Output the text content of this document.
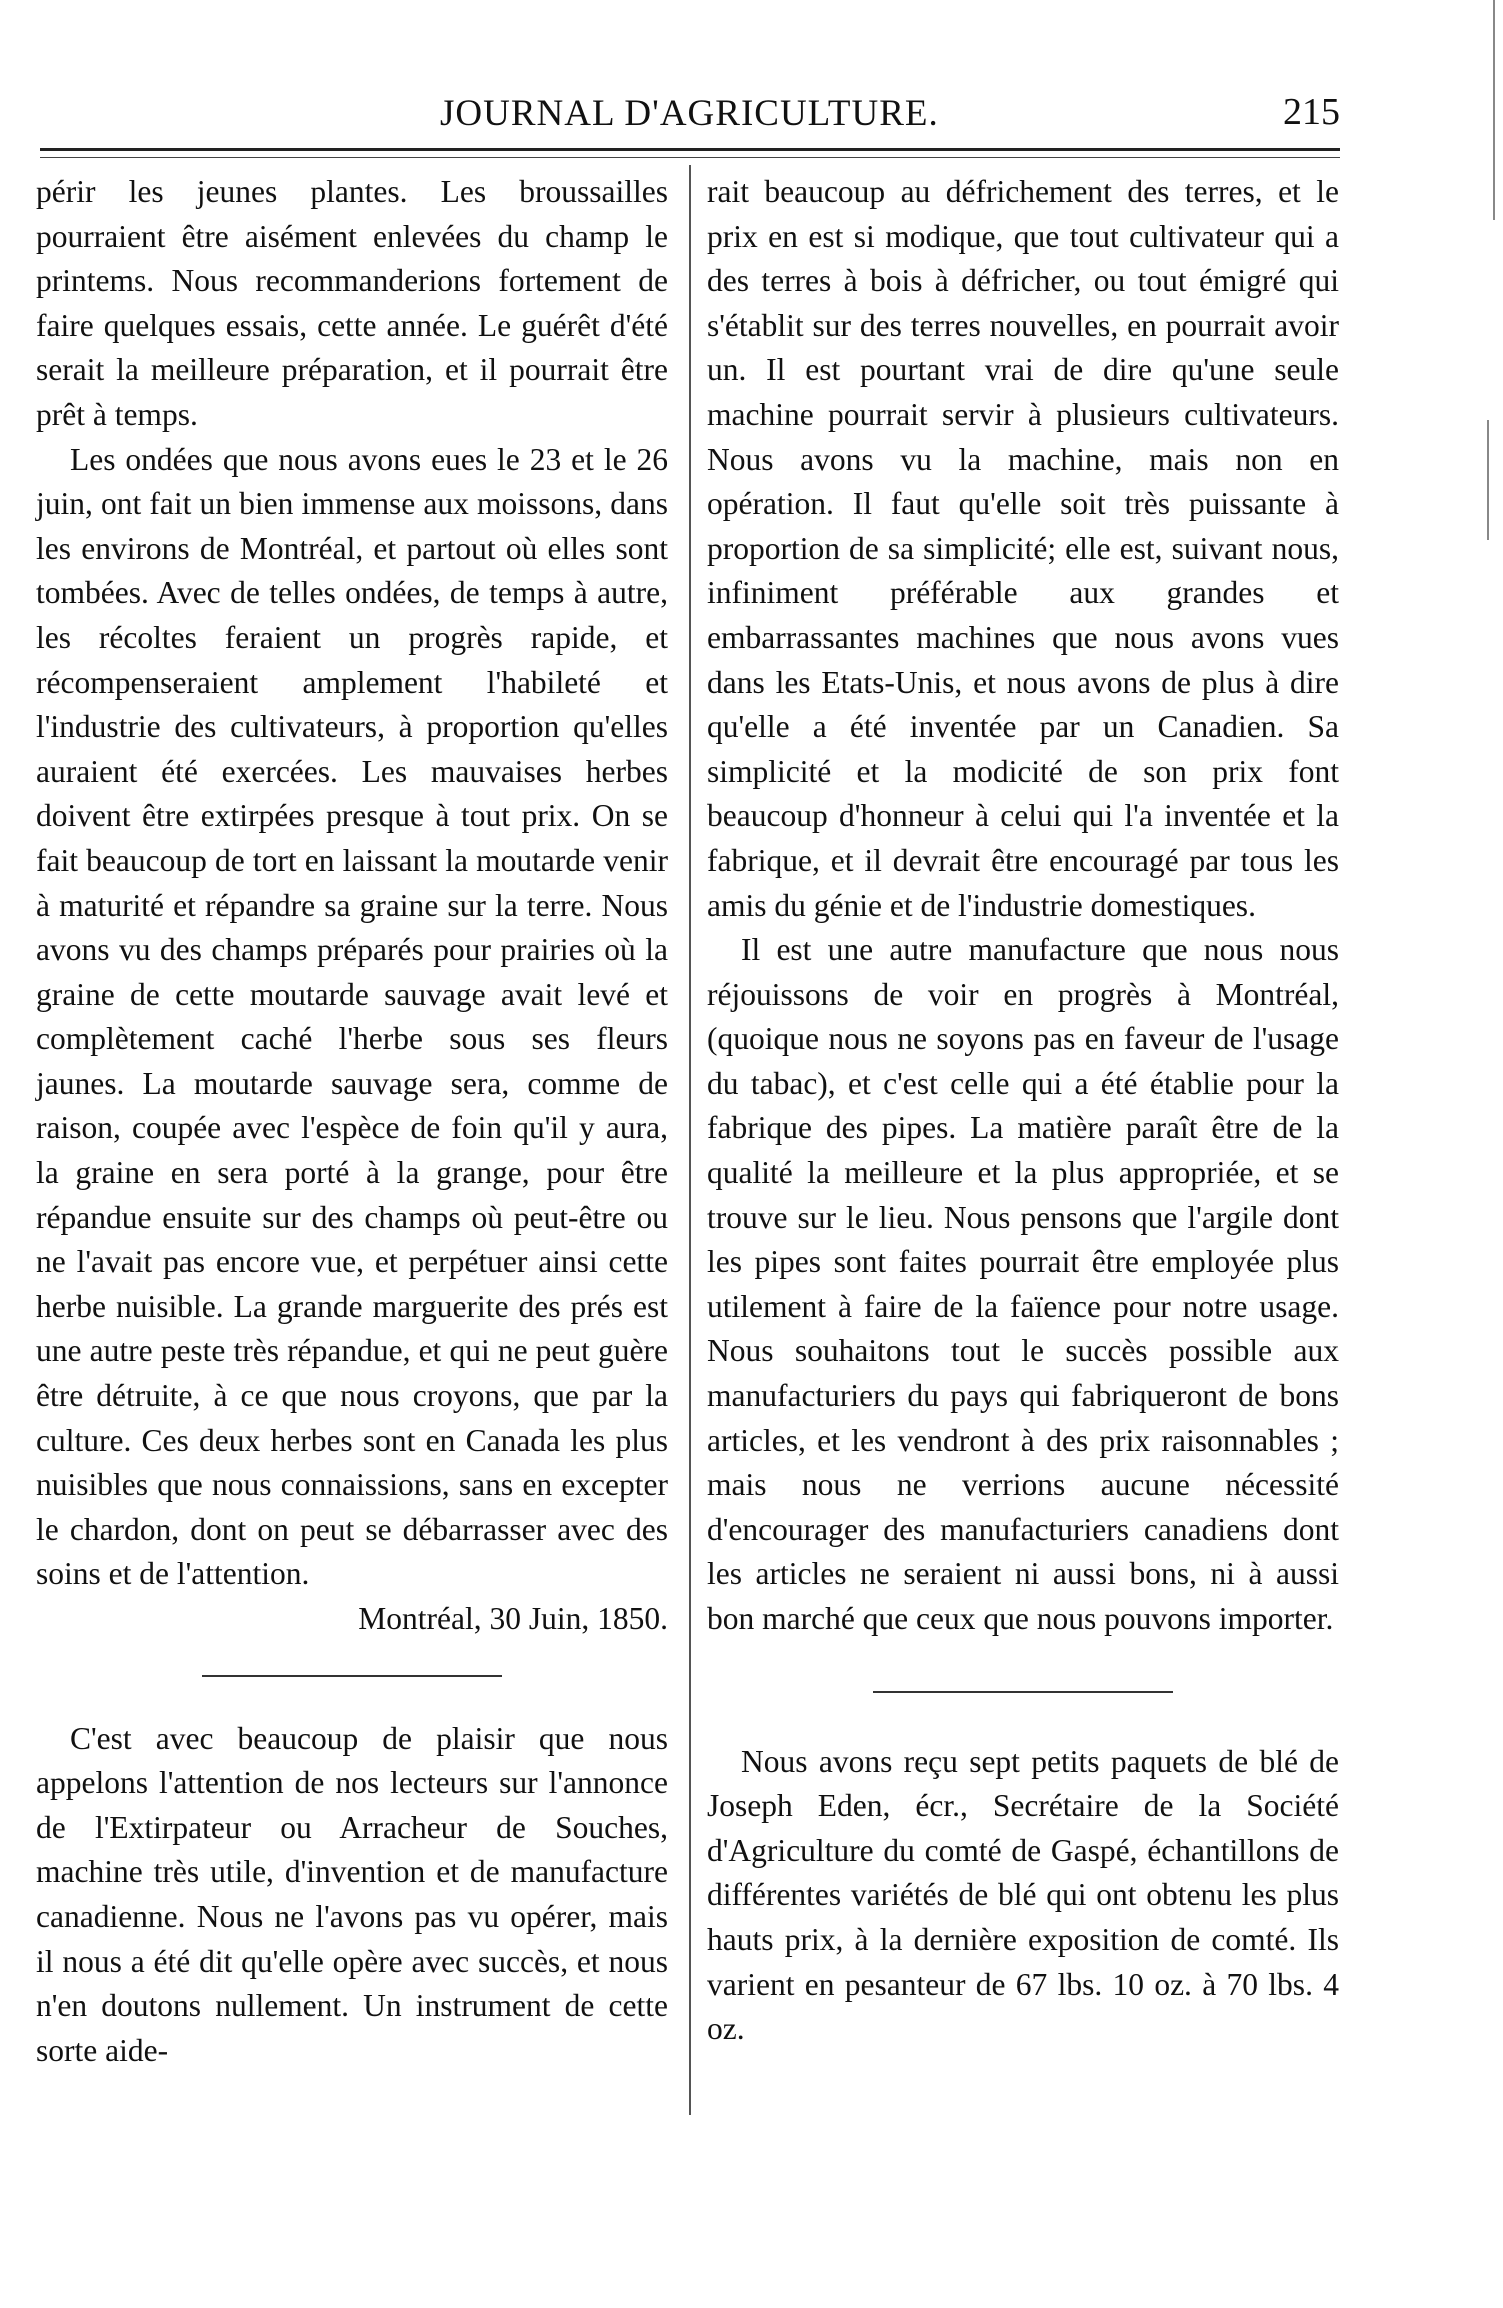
JOURNAL D'AGRICULTURE.	215

périr les jeunes plantes. Les broussailles pourraient être aisément enlevées du champ le printems. Nous recommanderions fortement de faire quelques essais, cette année. Le guérêt d'été serait la meilleure préparation, et il pourrait être prêt à temps.

Les ondées que nous avons eues le 23 et le 26 juin, ont fait un bien immense aux moissons, dans les environs de Montréal, et partout où elles sont tombées. Avec de telles ondées, de temps à autre, les récoltes feraient un progrès rapide, et récompenseraient amplement l'habileté et l'industrie des cultivateurs, à proportion qu'elles auraient été exercées. Les mauvaises herbes doivent être extirpées presque à tout prix. On se fait beaucoup de tort en laissant la moutarde venir à maturité et répandre sa graine sur la terre. Nous avons vu des champs préparés pour prairies où la graine de cette moutarde sauvage avait levé et complètement caché l'herbe sous ses fleurs jaunes. La moutarde sauvage sera, comme de raison, coupée avec l'espèce de foin qu'il y aura, la graine en sera porté à la grange, pour être répandue ensuite sur des champs où peut-être ou ne l'avait pas encore vue, et perpétuer ainsi cette herbe nuisible. La grande marguerite des prés est une autre peste très répandue, et qui ne peut guère être détruite, à ce que nous croyons, que par la culture. Ces deux herbes sont en Canada les plus nuisibles que nous connaissions, sans en excepter le chardon, dont on peut se débarrasser avec des soins et de l'attention.

Montréal, 30 Juin, 1850.

C'est avec beaucoup de plaisir que nous appelons l'attention de nos lecteurs sur l'annonce de l'Extirpateur ou Arracheur de Souches, machine très utile, d'invention et de manufacture canadienne. Nous ne l'avons pas vu opérer, mais il nous a été dit qu'elle opère avec succès, et nous n'en doutons nullement. Un instrument de cette sorte aide-

rait beaucoup au défrichement des terres, et le prix en est si modique, que tout cultivateur qui a des terres à bois à défricher, ou tout émigré qui s'établit sur des terres nouvelles, en pourrait avoir un. Il est pourtant vrai de dire qu'une seule machine pourrait servir à plusieurs cultivateurs. Nous avons vu la machine, mais non en opération. Il faut qu'elle soit très puissante à proportion de sa simplicité; elle est, suivant nous, infiniment préférable aux grandes et embarrassantes machines que nous avons vues dans les Etats-Unis, et nous avons de plus à dire qu'elle a été inventée par un Canadien. Sa simplicité et la modicité de son prix font beaucoup d'honneur à celui qui l'a inventée et la fabrique, et il devrait être encouragé par tous les amis du génie et de l'industrie domestiques.

Il est une autre manufacture que nous nous réjouissons de voir en progrès à Montréal, (quoique nous ne soyons pas en faveur de l'usage du tabac), et c'est celle qui a été établie pour la fabrique des pipes. La matière paraît être de la qualité la meilleure et la plus appropriée, et se trouve sur le lieu. Nous pensons que l'argile dont les pipes sont faites pourrait être employée plus utilement à faire de la faïence pour notre usage. Nous souhaitons tout le succès possible aux manufacturiers du pays qui fabriqueront de bons articles, et les vendront à des prix raisonnables ; mais nous ne verrions aucune nécessité d'encourager des manufacturiers canadiens dont les articles ne seraient ni aussi bons, ni à aussi bon marché que ceux que nous pouvons importer.

Nous avons reçu sept petits paquets de blé de Joseph Eden, écr., Secrétaire de la Société d'Agriculture du comté de Gaspé, échantillons de différentes variétés de blé qui ont obtenu les plus hauts prix, à la dernière exposition de comté. Ils varient en pesanteur de 67 lbs. 10 oz. à 70 lbs. 4 oz.
